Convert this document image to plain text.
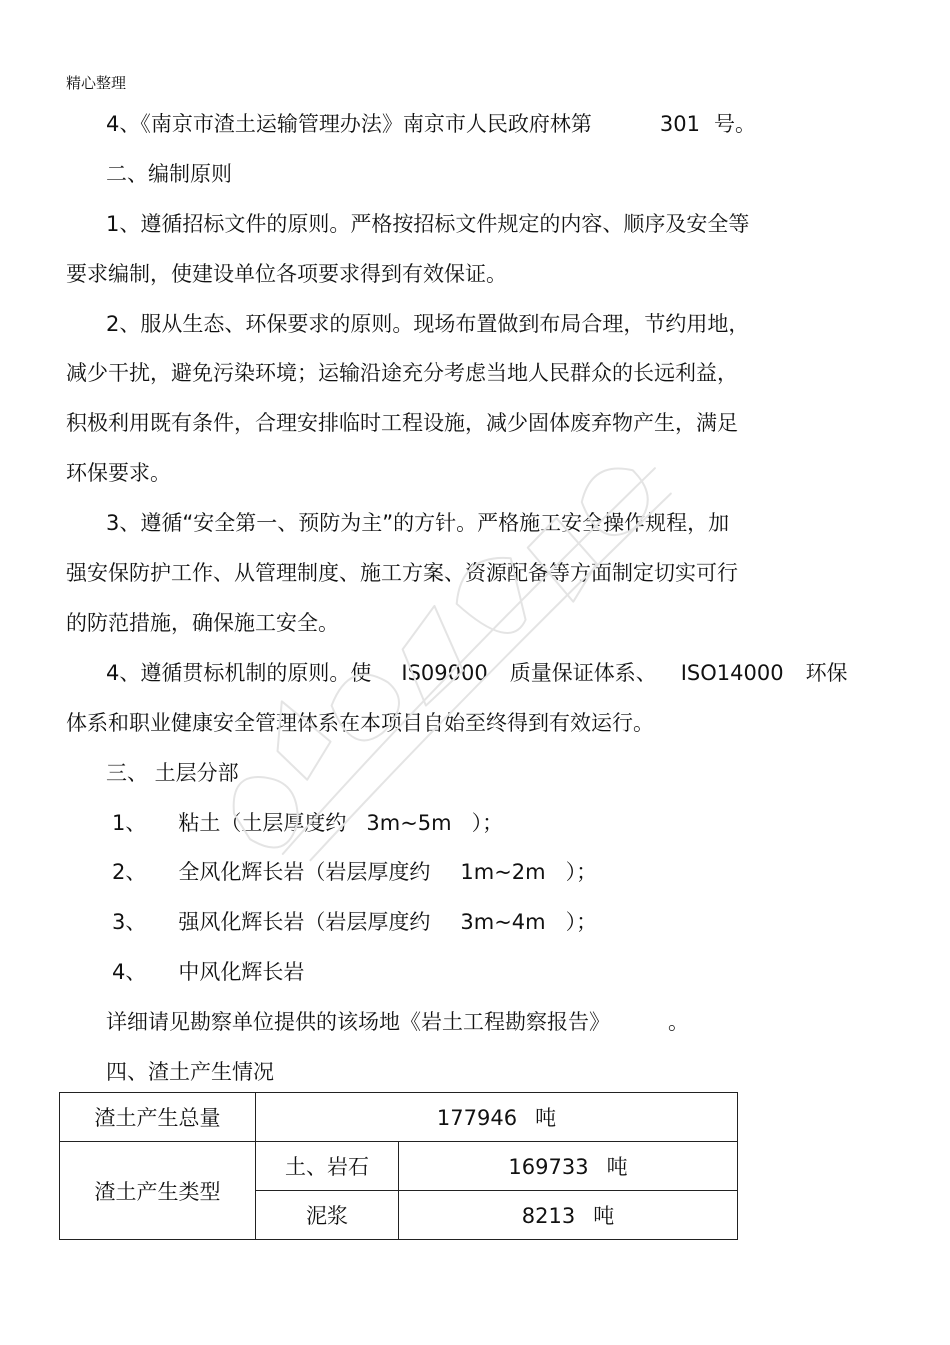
精心整理
4、《南京市渣土运输管理办法》南京市人民政府林第	301 号。
二、编制原则
1、遵循招标文件的原则。严格按招标文件规定的内容、顺序及安全等
要求编制，使建设单位各项要求得到有效保证。
2、服从生态、环保要求的原则。现场布置做到布局合理，节约用地，
减少干扰，避免污染环境；运输沿途充分考虑当地人民群众的长远利益，
积极利用既有条件，合理安排临时工程设施，减少固体废弃物产生，满足
环保要求。
3、遵循“安全第一、预防为主”的方针。严格施工安全操作规程，加
强安保防护工作、从管理制度、施工方案、资源配备等方面制定切实可行
的防范措施，确保施工安全。
4、遵循贯标机制的原则。使 IS09000 质量保证体系、 ISO14000 环保
体系和职业健康安全管理体系在本项目自始至终得到有效运行。
三、 土层分部
1、 粘土（土层厚度约 3m~5m ）；
2、 全风化辉长岩（岩层厚度约 1m~2m ）；
3、 强风化辉长岩（岩层厚度约 3m~4m ）；
4、 中风化辉长岩
详细请见勘察单位提供的该场地《岩土工程勘察报告》	。
四、渣土产生情况
渣土产生总量	177946 吨	
渣土产生类型	土、岩石	169733 吨
	泥浆	8213 吨
